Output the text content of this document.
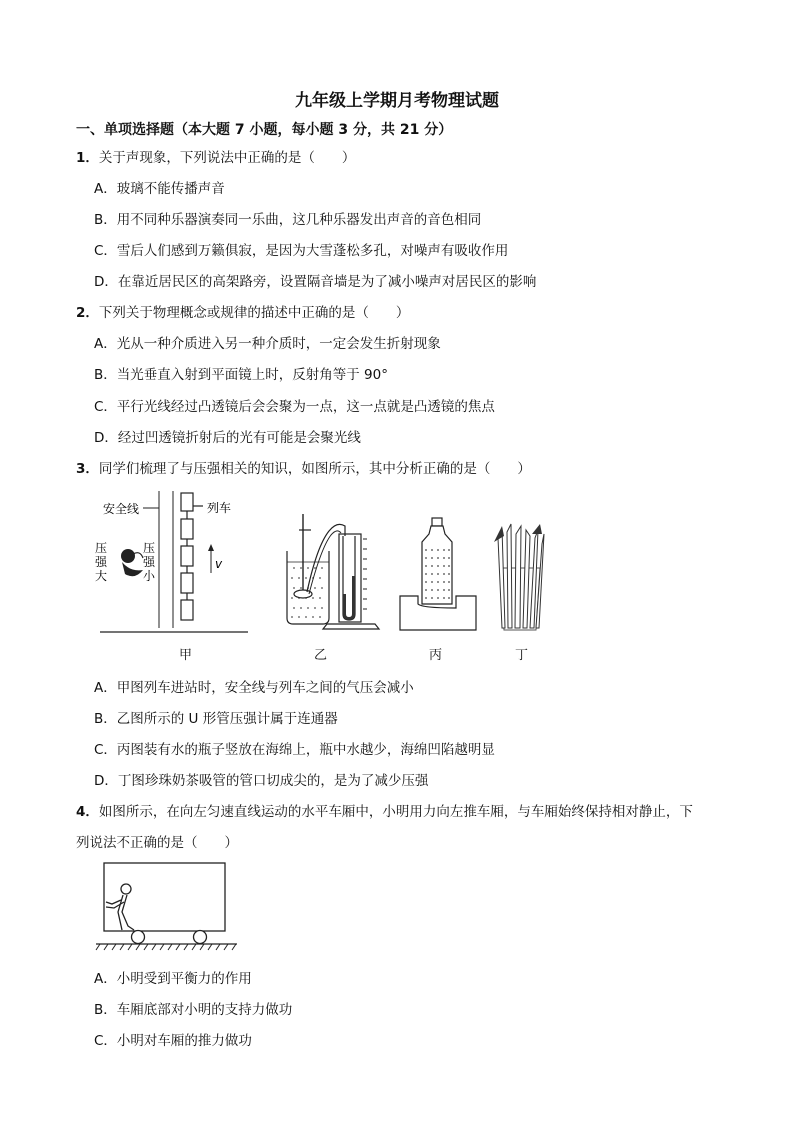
九年级上学期月考物理试题
一、单项选择题（本大题 7 小题，每小题 3 分，共 21 分）
1．关于声现象，下列说法中正确的是（　　）
A．玻璃不能传播声音
B．用不同种乐器演奏同一乐曲，这几种乐器发出声音的音色相同
C．雪后人们感到万籁俱寂，是因为大雪蓬松多孔，对噪声有吸收作用
D．在靠近居民区的高架路旁，设置隔音墙是为了减小噪声对居民区的影响
2．下列关于物理概念或规律的描述中正确的是（　　）
A．光从一种介质进入另一种介质时，一定会发生折射现象
B．当光垂直入射到平面镜上时，反射角等于 90°
C．平行光线经过凸透镜后会会聚为一点，这一点就是凸透镜的焦点
D．经过凹透镜折射后的光有可能是会聚光线
3．同学们梳理了与压强相关的知识，如图所示，其中分析正确的是（　　）
安全线	列车
压
强
大
压
强
小
v
甲	乙	丙	丁
A．甲图列车进站时，安全线与列车之间的气压会减小
B．乙图所示的 U 形管压强计属于连通器
C．丙图装有水的瓶子竖放在海绵上，瓶中水越少，海绵凹陷越明显
D．丁图珍珠奶茶吸管的管口切成尖的，是为了减少压强
4．如图所示，在向左匀速直线运动的水平车厢中，小明用力向左推车厢，与车厢始终保持相对静止，下
列说法不正确的是（　　）
A．小明受到平衡力的作用
B．车厢底部对小明的支持力做功
C．小明对车厢的推力做功
